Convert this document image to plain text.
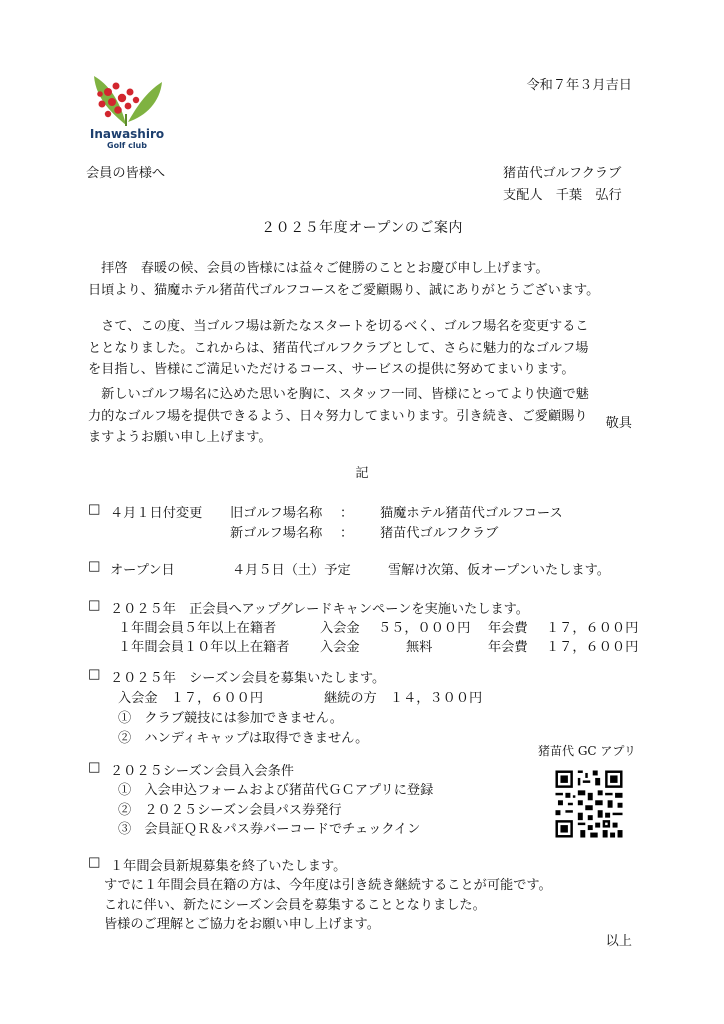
Inawashiro
Golf club
令和７年３月吉日
会員の皆様へ	猪苗代ゴルフクラブ
支配人　千葉　弘行
２０２５年度オープンのご案内
　拝啓　春暖の候、会員の皆様には益々ご健勝のこととお慶び申し上げます。
日頃より、猫魔ホテル猪苗代ゴルフコースをご愛顧賜り、誠にありがとうございます。
　さて、この度、当ゴルフ場は新たなスタートを切るべく、ゴルフ場名を変更するこ
ととなりました。これからは、猪苗代ゴルフクラブとして、さらに魅力的なゴルフ場
を目指し、皆様にご満足いただけるコース、サービスの提供に努めてまいります。
　新しいゴルフ場名に込めた思いを胸に、スタッフ一同、皆様にとってより快適で魅
力的なゴルフ場を提供できるよう、日々努力してまいります。引き続き、ご愛顧賜り
ますようお願い申し上げます。
敬具
記
□ ４月１日付変更 旧ゴルフ場名称 ： 猫魔ホテル猪苗代ゴルフコース
新ゴルフ場名称 ： 猪苗代ゴルフクラブ
□ オープン日	４月５日（土）予定	雪解け次第、仮オープンいたします。
□ ２０２５年　正会員へアップグレードキャンペーンを実施いたします。
１年間会員５年以上在籍者	入会金 ５５，０００円 年会費 １７，６００円
１年間会員１０年以上在籍者 入会金	無料	年会費 １７，６００円
□ ２０２５年　シーズン会員を募集いたします。
入会金　１７，６００円	継続の方　１４，３００円
①　クラブ競技には参加できません。
②　ハンディキャップは取得できません。
猪苗代 GC アプリ
□ ２０２５シーズン会員入会条件
①　入会申込フォームおよび猪苗代ＧＣアプリに登録
②　２０２５シーズン会員パス券発行
③　会員証ＱＲ＆パス券バーコードでチェックイン
□ １年間会員新規募集を終了いたします。
すでに１年間会員在籍の方は、今年度は引き続き継続することが可能です。
これに伴い、新たにシーズン会員を募集することとなりました。
皆様のご理解とご協力をお願い申し上げます。
以上
